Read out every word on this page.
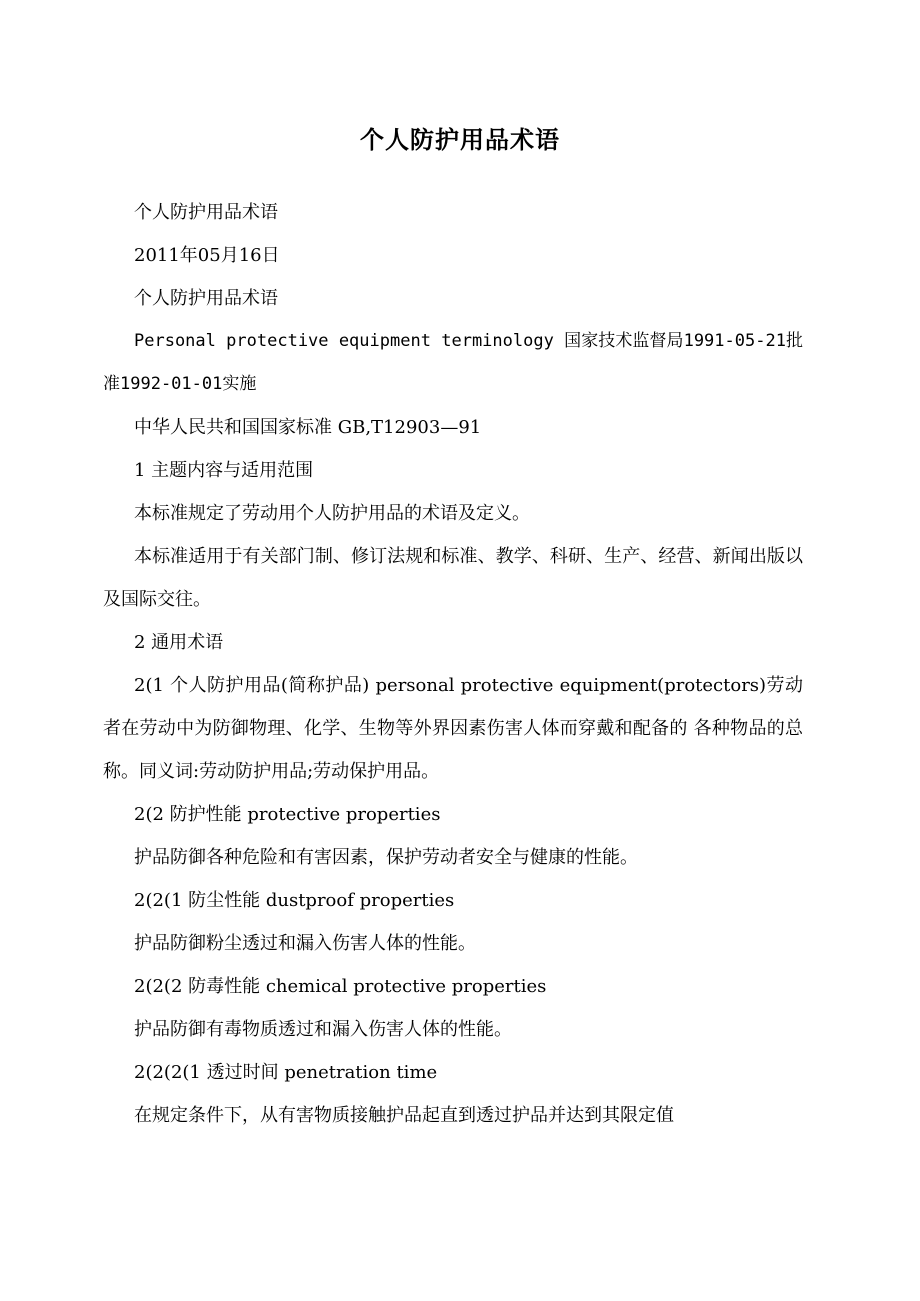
个人防护用品术语

个人防护用品术语

2011年05月16日

个人防护用品术语

Personal protective equipment terminology 国家技术监督局1991-05-21批准1992-01-01实施

中华人民共和国国家标准 GB,T12903—91

1 主题内容与适用范围

本标准规定了劳动用个人防护用品的术语及定义。

本标准适用于有关部门制、修订法规和标准、教学、科研、生产、经营、新闻出版以及国际交往。

2 通用术语

2(1 个人防护用品(简称护品) personal protective equipment(protectors)劳动者在劳动中为防御物理、化学、生物等外界因素伤害人体而穿戴和配备的 各种物品的总称。同义词:劳动防护用品;劳动保护用品。

2(2 防护性能 protective properties

护品防御各种危险和有害因素，保护劳动者安全与健康的性能。

2(2(1 防尘性能 dustproof properties

护品防御粉尘透过和漏入伤害人体的性能。

2(2(2 防毒性能 chemical protective properties

护品防御有毒物质透过和漏入伤害人体的性能。

2(2(2(1 透过时间 penetration time

在规定条件下，从有害物质接触护品起直到透过护品并达到其限定值
